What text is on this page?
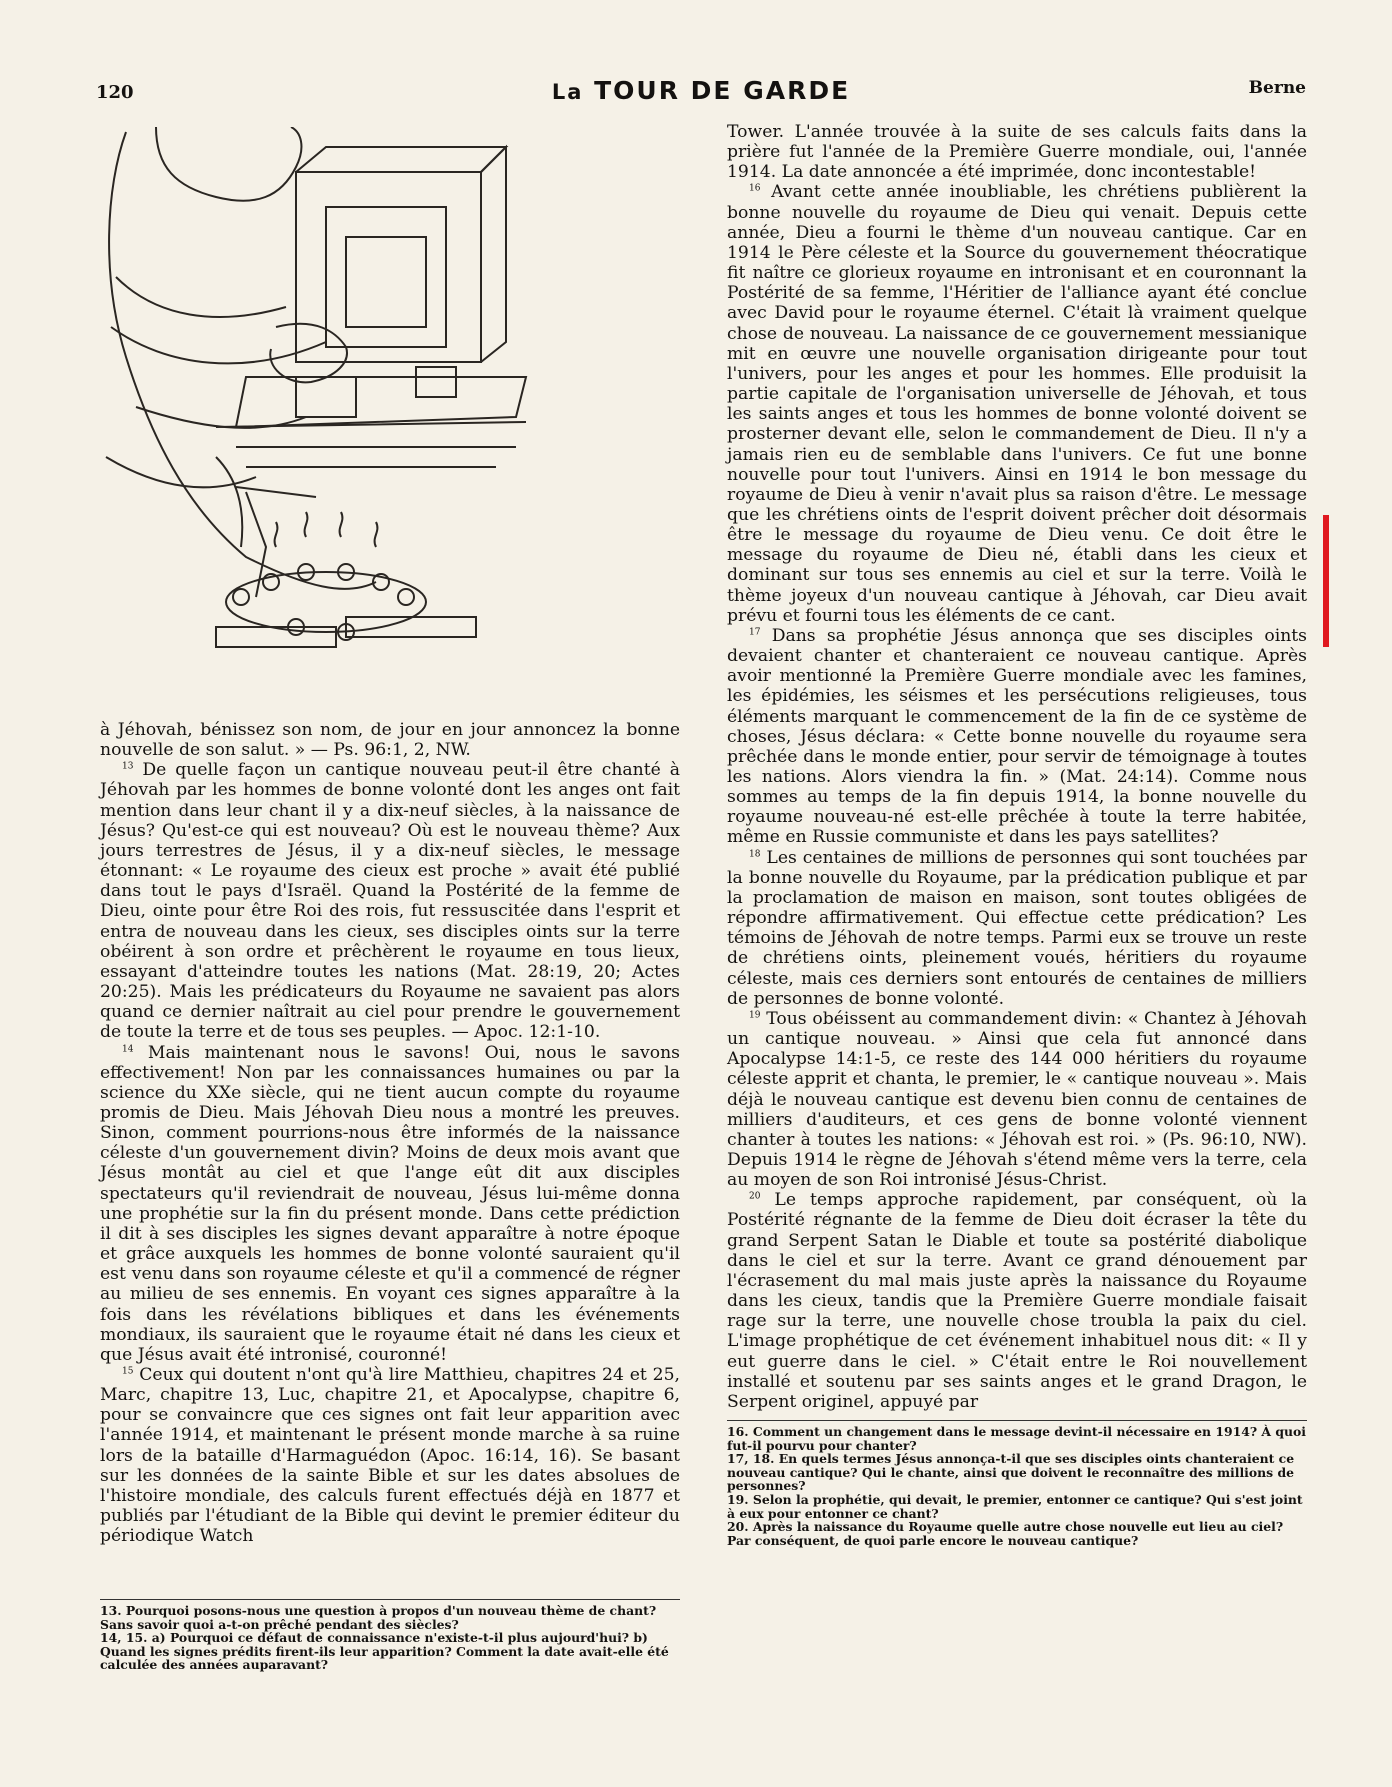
120	La TOUR DE GARDE	Berne

à Jéhovah, bénissez son nom, de jour en jour annoncez la bonne nouvelle de son salut. » — Ps. 96:1, 2, NW.

$^{13}$ De quelle façon un cantique nouveau peut-il être chanté à Jéhovah par les hommes de bonne volonté dont les anges ont fait mention dans leur chant il y a dix-neuf siècles, à la naissance de Jésus? Qu'est-ce qui est nouveau? Où est le nouveau thème? Aux jours terrestres de Jésus, il y a dix-neuf siècles, le message étonnant: « Le royaume des cieux est proche » avait été publié dans tout le pays d'Israël. Quand la Postérité de la femme de Dieu, ointe pour être Roi des rois, fut ressuscitée dans l'esprit et entra de nouveau dans les cieux, ses disciples oints sur la terre obéirent à son ordre et prêchèrent le royaume en tous lieux, essayant d'atteindre toutes les nations (Mat. 28:19, 20; Actes 20:25). Mais les prédicateurs du Royaume ne savaient pas alors quand ce dernier naîtrait au ciel pour prendre le gouvernement de toute la terre et de tous ses peuples. — Apoc. 12:1-10.

$^{14}$ Mais maintenant nous le savons! Oui, nous le savons effectivement! Non par les connaissances humaines ou par la science du XXe siècle, qui ne tient aucun compte du royaume promis de Dieu. Mais Jéhovah Dieu nous a montré les preuves. Sinon, comment pourrions-nous être informés de la naissance céleste d'un gouvernement divin? Moins de deux mois avant que Jésus montât au ciel et que l'ange eût dit aux disciples spectateurs qu'il reviendrait de nouveau, Jésus lui-même donna une prophétie sur la fin du présent monde. Dans cette prédiction il dit à ses disciples les signes devant apparaître à notre époque et grâce auxquels les hommes de bonne volonté sauraient qu'il est venu dans son royaume céleste et qu'il a commencé de régner au milieu de ses ennemis. En voyant ces signes apparaître à la fois dans les révélations bibliques et dans les événements mondiaux, ils sauraient que le royaume était né dans les cieux et que Jésus avait été intronisé, couronné!

$^{15}$ Ceux qui doutent n'ont qu'à lire Matthieu, chapitres 24 et 25, Marc, chapitre 13, Luc, chapitre 21, et Apocalypse, chapitre 6, pour se convaincre que ces signes ont fait leur apparition avec l'année 1914, et maintenant le présent monde marche à sa ruine lors de la bataille d'Harmaguédon (Apoc. 16:14, 16). Se basant sur les données de la sainte Bible et sur les dates absolues de l'histoire mondiale, des calculs furent effectués déjà en 1877 et publiés par l'étudiant de la Bible qui devint le premier éditeur du périodique Watch

13. Pourquoi posons-nous une question à propos d'un nouveau thème de chant? Sans savoir quoi a-t-on prêché pendant des siècles?

14, 15. a) Pourquoi ce défaut de connaissance n'existe-t-il plus aujourd'hui? b) Quand les signes prédits firent-ils leur apparition? Comment la date avait-elle été calculée des années auparavant?

Tower. L'année trouvée à la suite de ses calculs faits dans la prière fut l'année de la Première Guerre mondiale, oui, l'année 1914. La date annoncée a été imprimée, donc incontestable!

$^{16}$ Avant cette année inoubliable, les chrétiens publièrent la bonne nouvelle du royaume de Dieu qui venait. Depuis cette année, Dieu a fourni le thème d'un nouveau cantique. Car en 1914 le Père céleste et la Source du gouvernement théocratique fit naître ce glorieux royaume en intronisant et en couronnant la Postérité de sa femme, l'Héritier de l'alliance ayant été conclue avec David pour le royaume éternel. C'était là vraiment quelque chose de nouveau. La naissance de ce gouvernement messianique mit en œuvre une nouvelle organisation dirigeante pour tout l'univers, pour les anges et pour les hommes. Elle produisit la partie capitale de l'organisation universelle de Jéhovah, et tous les saints anges et tous les hommes de bonne volonté doivent se prosterner devant elle, selon le commandement de Dieu. Il n'y a jamais rien eu de semblable dans l'univers. Ce fut une bonne nouvelle pour tout l'univers. Ainsi en 1914 le bon message du royaume de Dieu à venir n'avait plus sa raison d'être. Le message que les chrétiens oints de l'esprit doivent prêcher doit désormais être le message du royaume de Dieu venu. Ce doit être le message du royaume de Dieu né, établi dans les cieux et dominant sur tous ses ennemis au ciel et sur la terre. Voilà le thème joyeux d'un nouveau cantique à Jéhovah, car Dieu avait prévu et fourni tous les éléments de ce cant.

$^{17}$ Dans sa prophétie Jésus annonça que ses disciples oints devaient chanter et chanteraient ce nouveau cantique. Après avoir mentionné la Première Guerre mondiale avec les famines, les épidémies, les séismes et les persécutions religieuses, tous éléments marquant le commencement de la fin de ce système de choses, Jésus déclara: « Cette bonne nouvelle du royaume sera prêchée dans le monde entier, pour servir de témoignage à toutes les nations. Alors viendra la fin. » (Mat. 24:14). Comme nous sommes au temps de la fin depuis 1914, la bonne nouvelle du royaume nouveau-né est-elle prêchée à toute la terre habitée, même en Russie communiste et dans les pays satellites?

$^{18}$ Les centaines de millions de personnes qui sont touchées par la bonne nouvelle du Royaume, par la prédication publique et par la proclamation de maison en maison, sont toutes obligées de répondre affirmativement. Qui effectue cette prédication? Les témoins de Jéhovah de notre temps. Parmi eux se trouve un reste de chrétiens oints, pleinement voués, héritiers du royaume céleste, mais ces derniers sont entourés de centaines de milliers de personnes de bonne volonté.

$^{19}$ Tous obéissent au commandement divin: « Chantez à Jéhovah un cantique nouveau. » Ainsi que cela fut annoncé dans Apocalypse 14:1-5, ce reste des 144 000 héritiers du royaume céleste apprit et chanta, le premier, le « cantique nouveau ». Mais déjà le nouveau cantique est devenu bien connu de centaines de milliers d'auditeurs, et ces gens de bonne volonté viennent chanter à toutes les nations: « Jéhovah est roi. » (Ps. 96:10, NW). Depuis 1914 le règne de Jéhovah s'étend même vers la terre, cela au moyen de son Roi intronisé Jésus-Christ.

$^{20}$ Le temps approche rapidement, par conséquent, où la Postérité régnante de la femme de Dieu doit écraser la tête du grand Serpent Satan le Diable et toute sa postérité diabolique dans le ciel et sur la terre. Avant ce grand dénouement par l'écrasement du mal mais juste après la naissance du Royaume dans les cieux, tandis que la Première Guerre mondiale faisait rage sur la terre, une nouvelle chose troubla la paix du ciel. L'image prophétique de cet événement inhabituel nous dit: « Il y eut guerre dans le ciel. » C'était entre le Roi nouvellement installé et soutenu par ses saints anges et le grand Dragon, le Serpent originel, appuyé par

16. Comment un changement dans le message devint-il nécessaire en 1914? À quoi fut-il pourvu pour chanter?

17, 18. En quels termes Jésus annonça-t-il que ses disciples oints chanteraient ce nouveau cantique? Qui le chante, ainsi que doivent le reconnaître des millions de personnes?

19. Selon la prophétie, qui devait, le premier, entonner ce cantique? Qui s'est joint à eux pour entonner ce chant?

20. Après la naissance du Royaume quelle autre chose nouvelle eut lieu au ciel? Par conséquent, de quoi parle encore le nouveau cantique?
